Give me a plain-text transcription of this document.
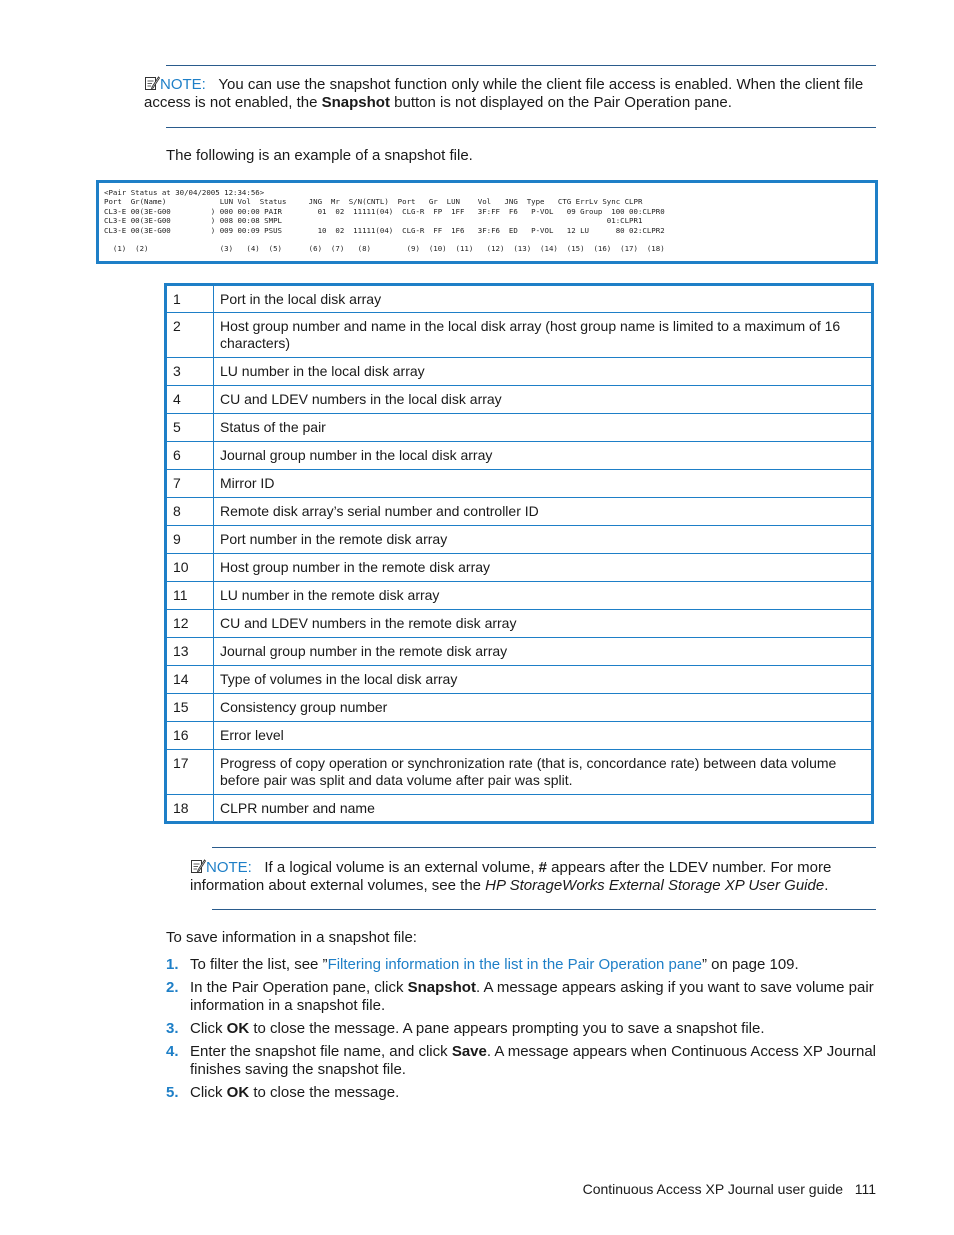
NOTE: You can use the snapshot function only while the client file access is enabled. When the client file access is not enabled, the Snapshot button is not displayed on the Pair Operation pane.
The following is an example of a snapshot file.
<Pair Status at 30/04/2005 12:34:56>
Port  Gr(Name)            LUN Vol  Status     JNG  Mr  S/N(CNTL)  Port   Gr  LUN    Vol   JNG  Type   CTG ErrLv Sync CLPR
CL3-E 00(3E-G00         ) 000 00:00 PAIR        01  02  11111(04)  CLG-R  FP  1FF   3F:FF  F6   P-VOL   09 Group  100 00:CLPR0
CL3-E 00(3E-G00         ) 008 00:08 SMPL                                                                         01:CLPR1
CL3-E 00(3E-G00         ) 009 00:09 PSUS        10  02  11111(04)  CLG-R  FF  1F6   3F:F6  ED   P-VOL   12 LU      80 02:CLPR2

(1)  (2)                (3)   (4)  (5)      (6)  (7)   (8)        (9)  (10)  (11)   (12)  (13)  (14)  (15)  (16)  (17)  (18)
1	Port in the local disk array
2	Host group number and name in the local disk array (host group name is limited to a maximum of 16 characters)
3	LU number in the local disk array
4	CU and LDEV numbers in the local disk array
5	Status of the pair
6	Journal group number in the local disk array
7	Mirror ID
8	Remote disk array’s serial number and controller ID
9	Port number in the remote disk array
10	Host group number in the remote disk array
11	LU number in the remote disk array
12	CU and LDEV numbers in the remote disk array
13	Journal group number in the remote disk array
14	Type of volumes in the local disk array
15	Consistency group number
16	Error level
17	Progress of copy operation or synchronization rate (that is, concordance rate) between data volume before pair was split and data volume after pair was split.
18	CLPR number and name
NOTE: If a logical volume is an external volume, # appears after the LDEV number. For more information about external volumes, see the HP StorageWorks External Storage XP User Guide.
To save information in a snapshot file:
1. To filter the list, see ”Filtering information in the list in the Pair Operation pane” on page 109.
2. In the Pair Operation pane, click Snapshot. A message appears asking if you want to save volume pair information in a snapshot file.
3. Click OK to close the message. A pane appears prompting you to save a snapshot file.
4. Enter the snapshot file name, and click Save. A message appears when Continuous Access XP Journal finishes saving the snapshot file.
5. Click OK to close the message.
Continuous Access XP Journal user guide 111
